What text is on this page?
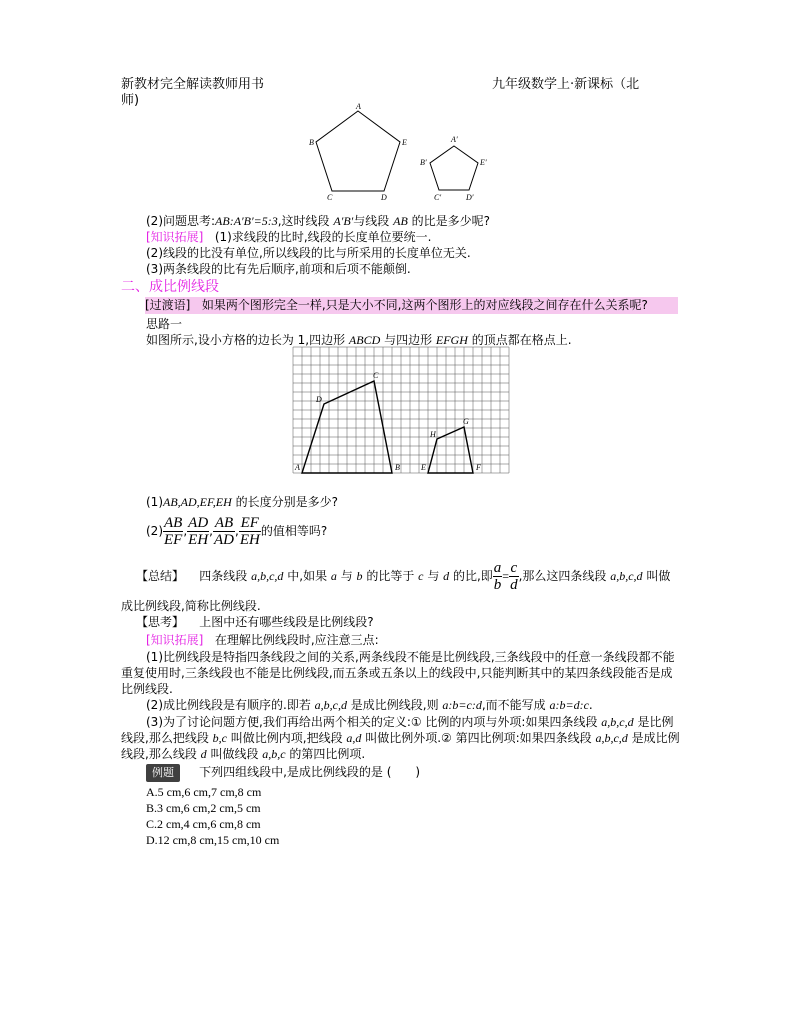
新教材完全解读教师用书
师)
九年级数学上·新课标（北
A
B
C	D
E	A′
B′
C′	D′
E′
(2)问题思考:AB:A′B′=5:3,这时线段 A′B′与线段 AB 的比是多少呢?
[知识拓展] (1)求线段的比时,线段的长度单位要统一.
(2)线段的比没有单位,所以线段的比与所采用的长度单位无关.
(3)两条线段的比有先后顺序,前项和后项不能颠倒.
二、成比例线段
[过渡语] 如果两个图形完全一样,只是大小不同,这两个图形上的对应线段之间存在什么关系呢?
思路一
如图所示,设小方格的边长为 1,四边形 ABCD 与四边形 EFGH 的顶点都在格点上.
A	B
C
D
E	F
G
H
(1)AB,AD,EF,EH 的长度分别是多少?
$(2) \frac{AB}{EF}$ , $\frac{AD}{EH}$ , $\frac{AB}{AD}$ , $\frac{EF}{EH}$ 的值相等吗?
【总结】 四条线段 a,b,c,d 中,如果 a 与 b 的比等于 c 与 d 的比,即 $\frac{a}{b} = \frac{c}{d}$ ,那么这四条线段 a,b,c,d 叫做
成比例线段,简称比例线段.
【思考】 上图中还有哪些线段是比例线段?
[知识拓展] 在理解比例线段时,应注意三点:
(1)比例线段是特指四条线段之间的关系,两条线段不能是比例线段,三条线段中的任意一条线段都不能
重复使用时,三条线段也不能是比例线段,而五条或五条以上的线段中,只能判断其中的某四条线段能否是成
比例线段.
(2)成比例线段是有顺序的.即若 a,b,c,d 是成比例线段,则 a:b=c:d,而不能写成 a:b=d:c.
(3)为了讨论问题方便,我们再给出两个相关的定义:① 比例的内项与外项:如果四条线段 a,b,c,d 是比例
线段,那么把线段 b,c 叫做比例内项,把线段 a,d 叫做比例外项.② 第四比例项:如果四条线段 a,b,c,d 是成比例
线段,那么线段 d 叫做线段 a,b,c 的第四比例项.
例题 下列四组线段中,是成比例线段的是 (　　)
A.5 cm,6 cm,7 cm,8 cm
B.3 cm,6 cm,2 cm,5 cm
C.2 cm,4 cm,6 cm,8 cm
D.12 cm,8 cm,15 cm,10 cm
